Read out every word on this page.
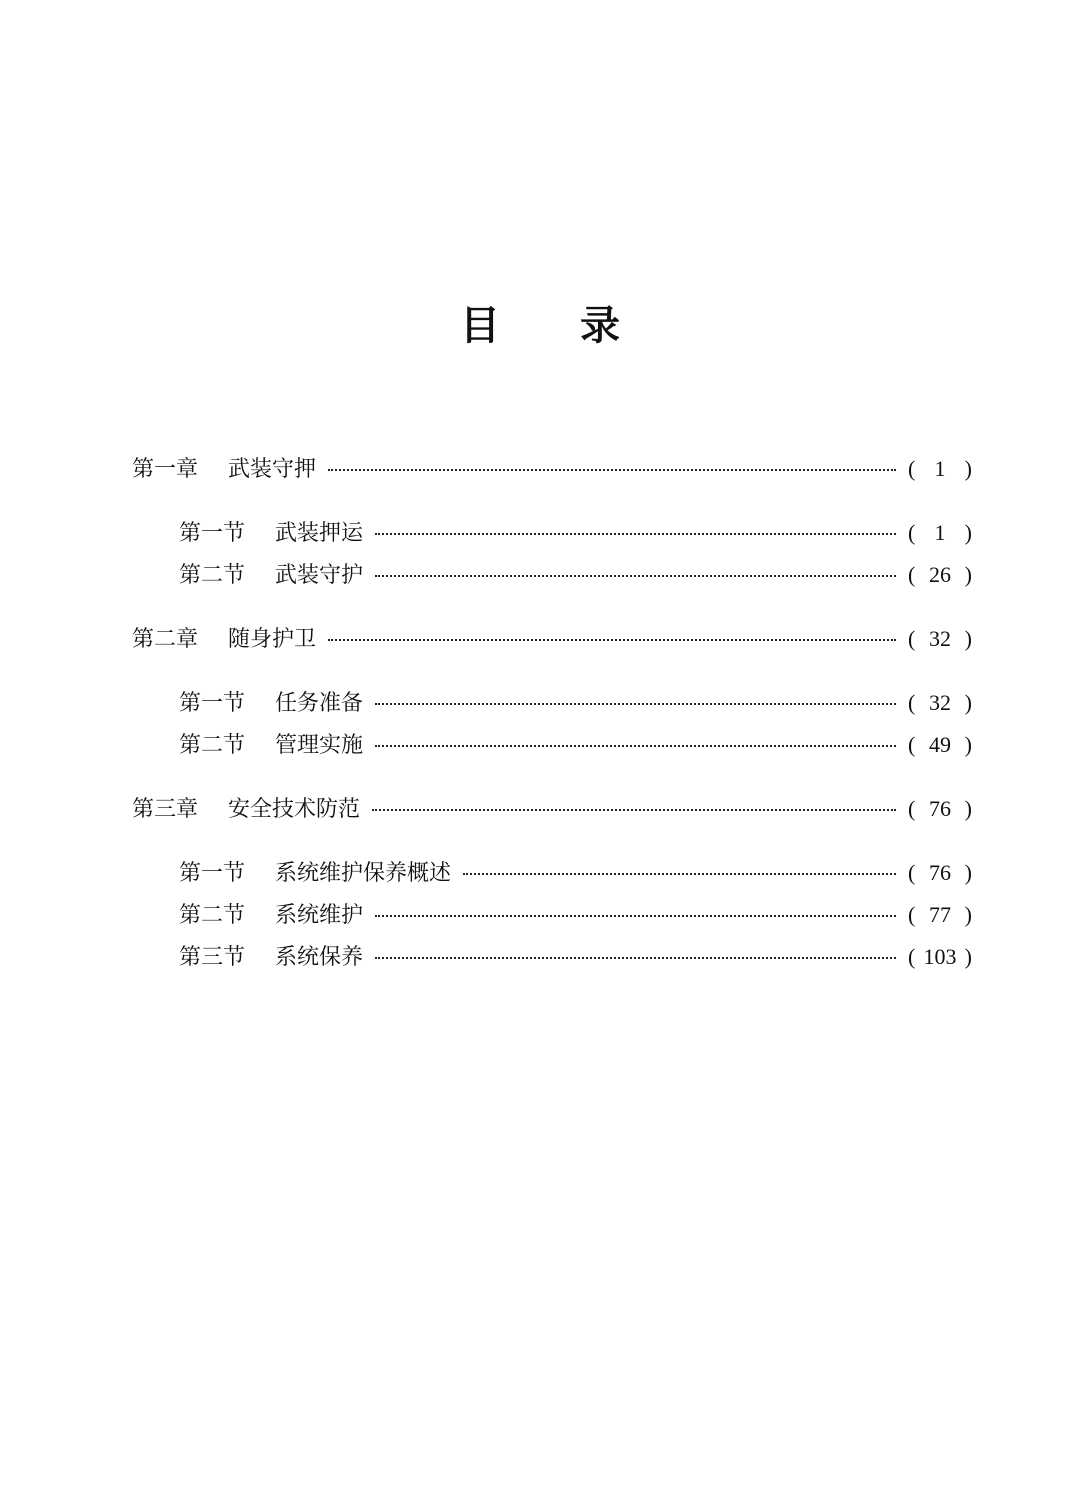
目 录
第一章	武装守押	( 1 )
第一节	武装押运	( 1 )
第二节	武装守护	( 26 )
第二章	随身护卫	( 32 )
第一节	任务准备	( 32 )
第二节	管理实施	( 49 )
第三章	安全技术防范	( 76 )
第一节	系统维护保养概述	( 76 )
第二节	系统维护	( 77 )
第三节	系统保养	( 103 )
